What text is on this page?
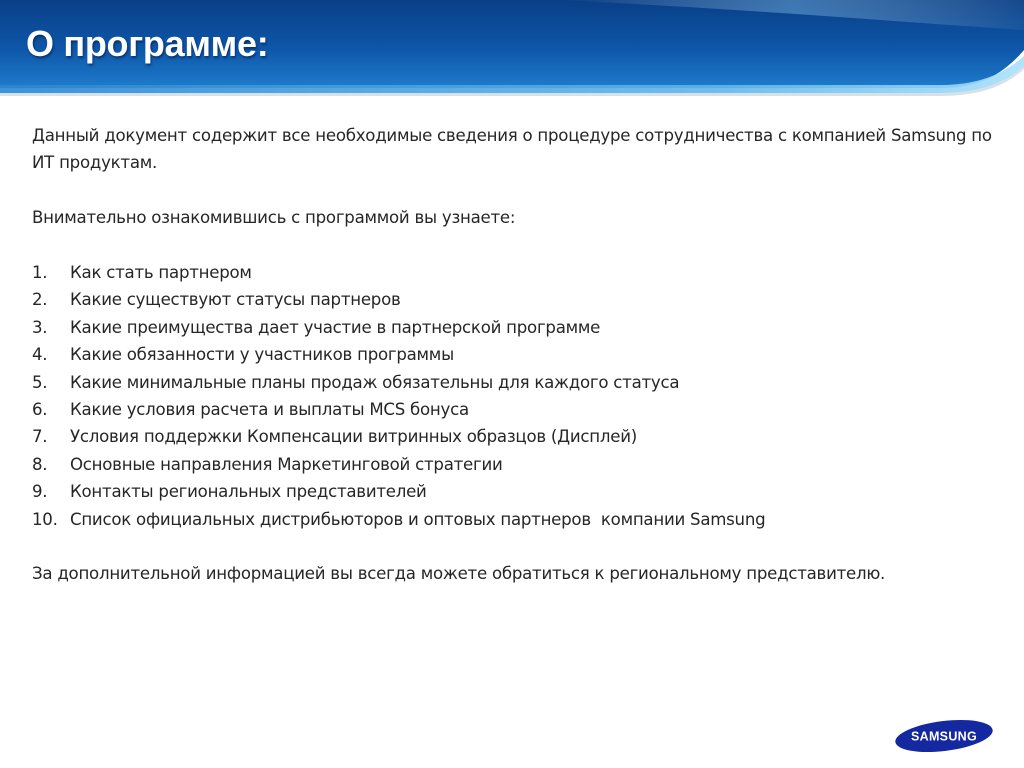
О программе:

Данный документ содержит все необходимые сведения о процедуре сотрудничества с компанией Samsung по ИТ продуктам.

Внимательно ознакомившись с программой вы узнаете:

1. Как стать партнером
2. Какие существуют статусы партнеров
3. Какие преимущества дает участие в партнерской программе
4. Какие обязанности у участников программы
5. Какие минимальные планы продаж обязательны для каждого статуса
6. Какие условия расчета и выплаты MCS бонуса
7. Условия поддержки Компенсации витринных образцов (Дисплей)
8. Основные направления Маркетинговой стратегии
9. Контакты региональных представителей
10. Список официальных дистрибьюторов и оптовых партнеров  компании Samsung

За дополнительной информацией вы всегда можете обратиться к региональному представителю.

SAMSUNG
